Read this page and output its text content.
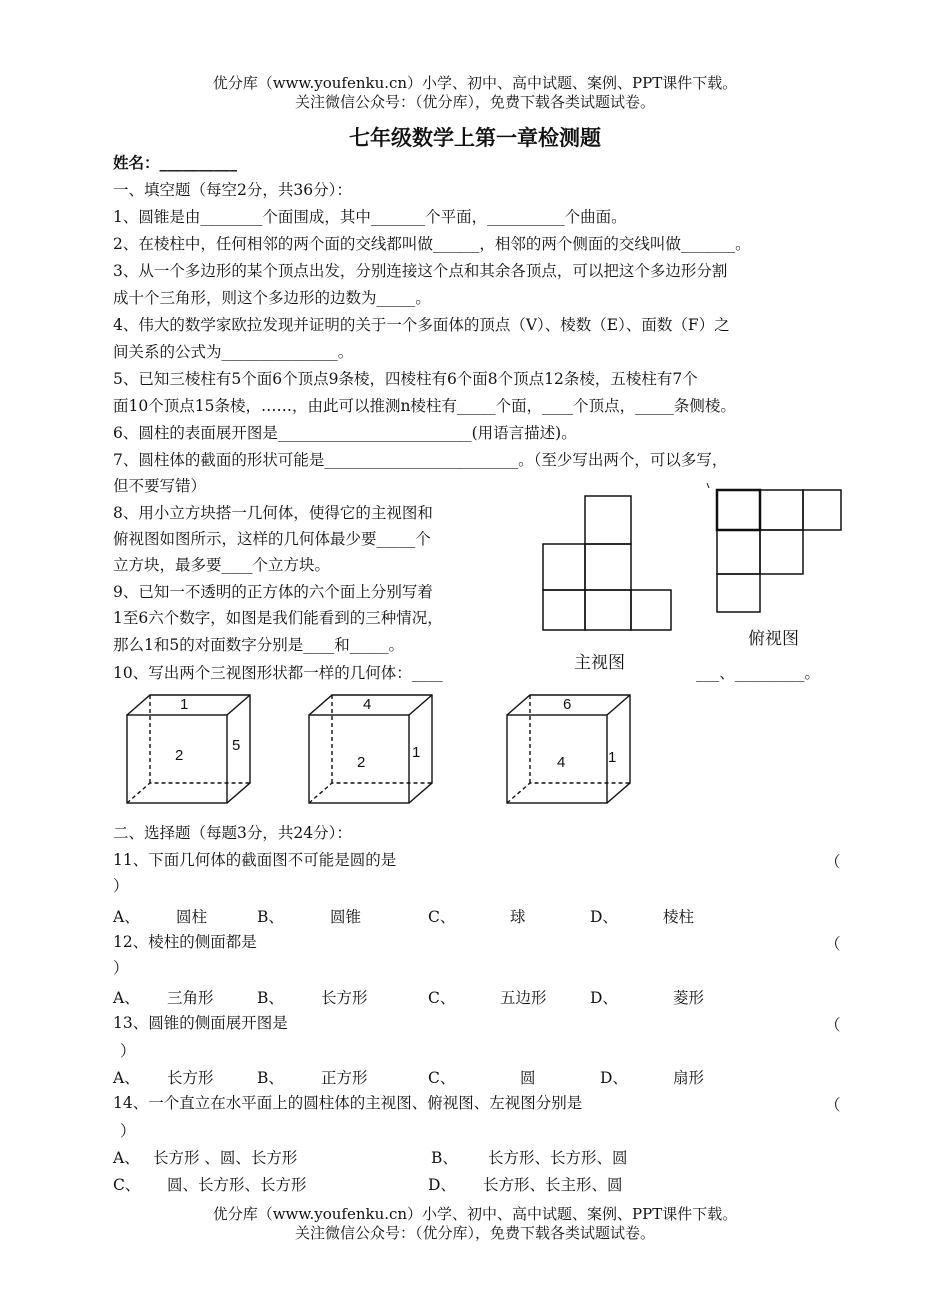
优分库（www.youfenku.cn）小学、初中、高中试题、案例、PPT课件下载。
关注微信公众号：（优分库），免费下载各类试题试卷。
七年级数学上第一章检测题
姓名：__________
一、填空题（每空2分，共36分）：
1、圆锥是由________个面围成，其中_______个平面，__________个曲面。
2、在棱柱中，任何相邻的两个面的交线都叫做______，相邻的两个侧面的交线叫做_______。
3、从一个多边形的某个顶点出发，分别连接这个点和其余各顶点，可以把这个多边形分割
成十个三角形，则这个多边形的边数为_____。
4、伟大的数学家欧拉发现并证明的关于一个多面体的顶点（V）、棱数（E）、面数（F）之
间关系的公式为_______________。
5、已知三棱柱有5个面6个顶点9条棱，四棱柱有6个面8个顶点12条棱，五棱柱有7个
面10个顶点15条棱，……，由此可以推测n棱柱有_____个面，____个顶点，_____条侧棱。
6、圆柱的表面展开图是_________________________(用语言描述)。
7、圆柱体的截面的形状可能是_________________________。（至少写出两个，可以多写，
但不要写错）
8、用小立方块搭一几何体，使得它的主视图和
俯视图如图所示，这样的几何体最少要_____个
立方块，最多要____个立方块。
9、已知一不透明的正方体的六个面上分别写着
1至6六个数字，如图是我们能看到的三种情况，
那么1和5的对面数字分别是____和_____。
10、写出两个三视图形状都一样的几何体：____	___、_________。
主视图
俯视图
1
2
5
4
2
1
6
4	1
二、选择题（每题3分，共24分）：
11、下面几何体的截面图不可能是圆的是	（
）
A、 圆柱	B、	圆锥	C、	球	D、	棱柱
12、棱柱的侧面都是	（
）
A、 三角形	B、 长方形	C、	五边形	D、	菱形
13、圆锥的侧面展开图是	（
）
A、 长方形	B、 正方形	C、	圆	D、	扇形
14、一个直立在水平面上的圆柱体的主视图、俯视图、左视图分别是	（
）
A、 长方形 、圆、长方形	B、 长方形、长方形、圆
C、 圆、长方形、长方形	D、 长方形、长主形、圆
优分库（www.youfenku.cn）小学、初中、高中试题、案例、PPT课件下载。
关注微信公众号：（优分库），免费下载各类试题试卷。
